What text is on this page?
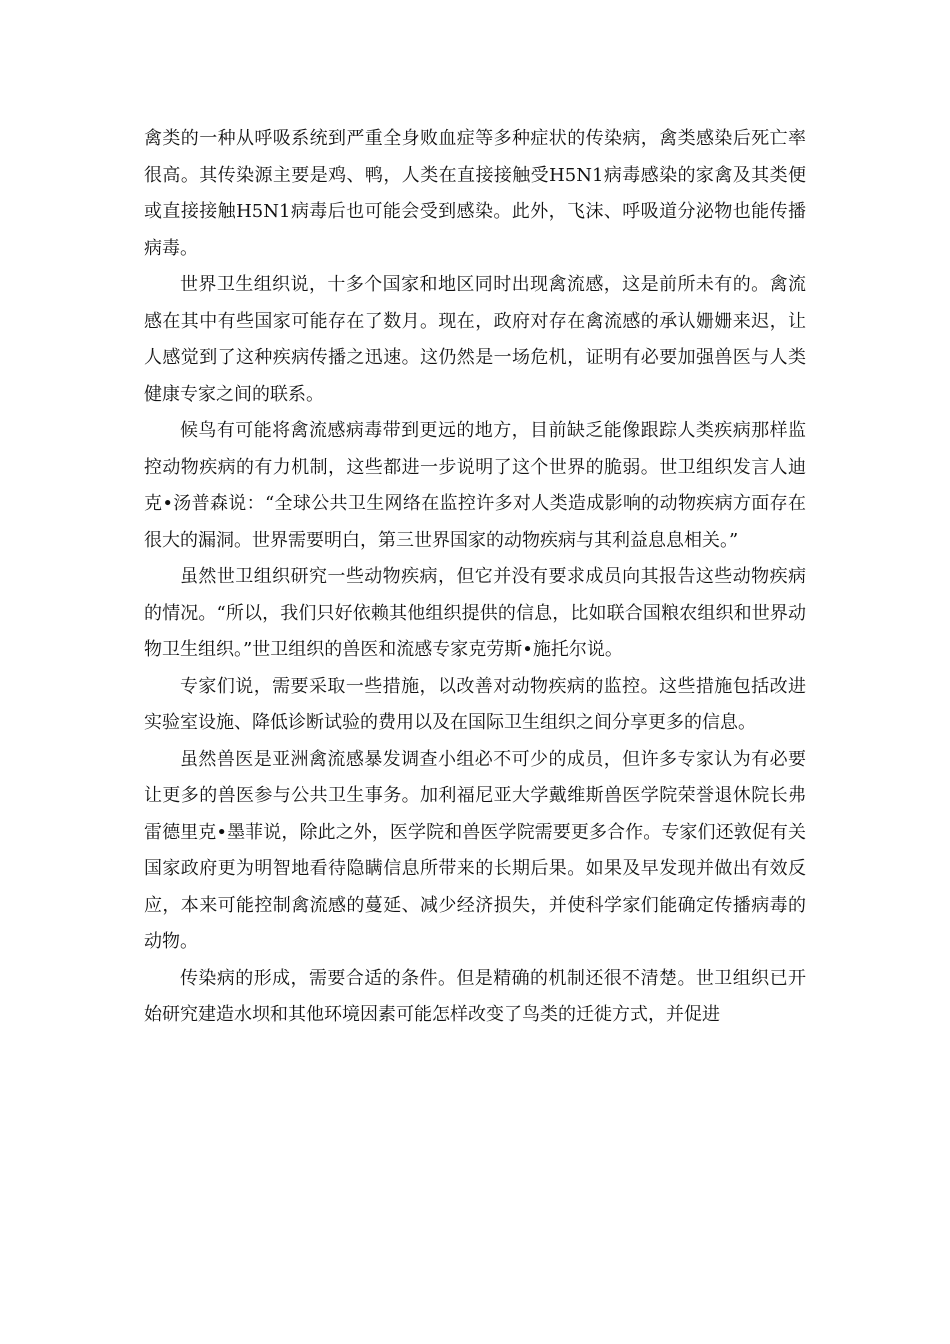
禽类的一种从呼吸系统到严重全身败血症等多种症状的传染病，禽类感染后死亡率很高。其传染源主要是鸡、鸭，人类在直接接触受H5N1病毒感染的家禽及其类便或直接接触H5N1病毒后也可能会受到感染。此外，飞沫、呼吸道分泌物也能传播病毒。

世界卫生组织说，十多个国家和地区同时出现禽流感，这是前所未有的。禽流感在其中有些国家可能存在了数月。现在，政府对存在禽流感的承认姗姗来迟，让人感觉到了这种疾病传播之迅速。这仍然是一场危机，证明有必要加强兽医与人类健康专家之间的联系。

候鸟有可能将禽流感病毒带到更远的地方，目前缺乏能像跟踪人类疾病那样监控动物疾病的有力机制，这些都进一步说明了这个世界的脆弱。世卫组织发言人迪克•汤普森说：“全球公共卫生网络在监控许多对人类造成影响的动物疾病方面存在很大的漏洞。世界需要明白，第三世界国家的动物疾病与其利益息息相关。”

虽然世卫组织研究一些动物疾病，但它并没有要求成员向其报告这些动物疾病的情况。“所以，我们只好依赖其他组织提供的信息，比如联合国粮农组织和世界动物卫生组织。”世卫组织的兽医和流感专家克劳斯•施托尔说。

专家们说，需要采取一些措施，以改善对动物疾病的监控。这些措施包括改进实验室设施、降低诊断试验的费用以及在国际卫生组织之间分享更多的信息。

虽然兽医是亚洲禽流感暴发调查小组必不可少的成员，但许多专家认为有必要让更多的兽医参与公共卫生事务。加利福尼亚大学戴维斯兽医学院荣誉退休院长弗雷德里克•墨菲说，除此之外，医学院和兽医学院需要更多合作。专家们还敦促有关国家政府更为明智地看待隐瞒信息所带来的长期后果。如果及早发现并做出有效反应，本来可能控制禽流感的蔓延、减少经济损失，并使科学家们能确定传播病毒的动物。

传染病的形成，需要合适的条件。但是精确的机制还很不清楚。世卫组织已开始研究建造水坝和其他环境因素可能怎样改变了鸟类的迁徙方式，并促进
